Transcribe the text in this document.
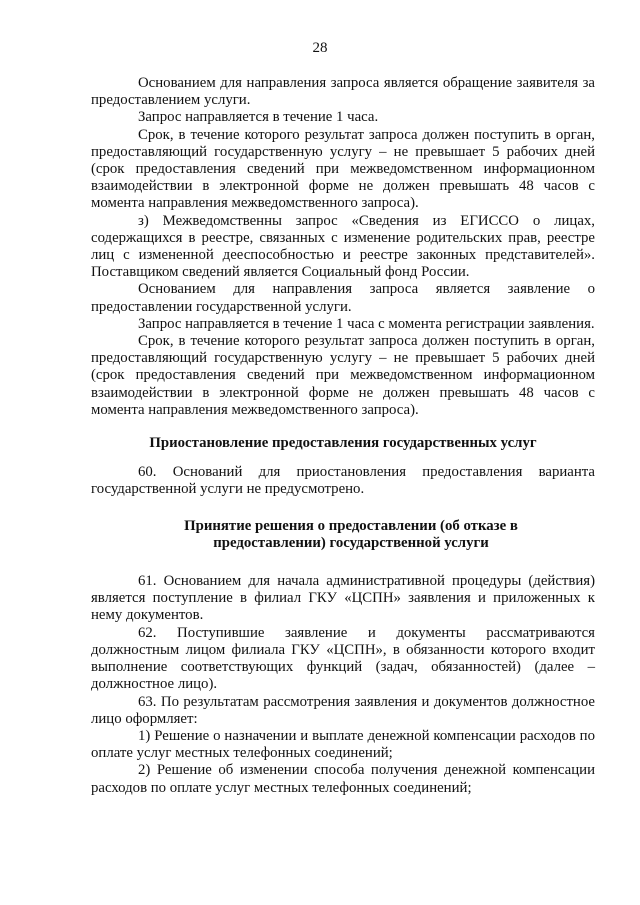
28

Основанием для направления запроса является обращение заявителя за предоставлением услуги.

Запрос направляется в течение 1 часа.

Срок, в течение которого результат запроса должен поступить в орган, предоставляющий государственную услугу – не превышает 5 рабочих дней (срок предоставления сведений при межведомственном информационном взаимодействии в электронной форме не должен превышать 48 часов с момента направления межведомственного запроса).

з) Межведомственны запрос «Сведения из ЕГИССО о лицах, содержащихся в реестре, связанных с изменение родительских прав, реестре лиц с измененной дееспособностью и реестре законных представителей». Поставщиком сведений является Социальный фонд России.

Основанием для направления запроса является заявление о предоставлении государственной услуги.

Запрос направляется в течение 1 часа с момента регистрации заявления.

Срок, в течение которого результат запроса должен поступить в орган, предоставляющий государственную услугу – не превышает 5 рабочих дней (срок предоставления сведений при межведомственном информационном взаимодействии в электронной форме не должен превышать 48 часов с момента направления межведомственного запроса).

Приостановление предоставления государственных услуг

60. Оснований для приостановления предоставления варианта государственной услуги не предусмотрено.

Принятие решения о предоставлении (об отказе в
предоставлении) государственной услуги

61. Основанием для начала административной процедуры (действия) является поступление в филиал ГКУ «ЦСПН» заявления и приложенных к нему документов.

62. Поступившие заявление и документы рассматриваются должностным лицом филиала ГКУ «ЦСПН», в обязанности которого входит выполнение соответствующих функций (задач, обязанностей) (далее – должностное лицо).

63. По результатам рассмотрения заявления и документов должностное лицо оформляет:

1) Решение о назначении и выплате денежной компенсации расходов по оплате услуг местных телефонных соединений;

2) Решение об изменении способа получения денежной компенсации расходов по оплате услуг местных телефонных соединений;
